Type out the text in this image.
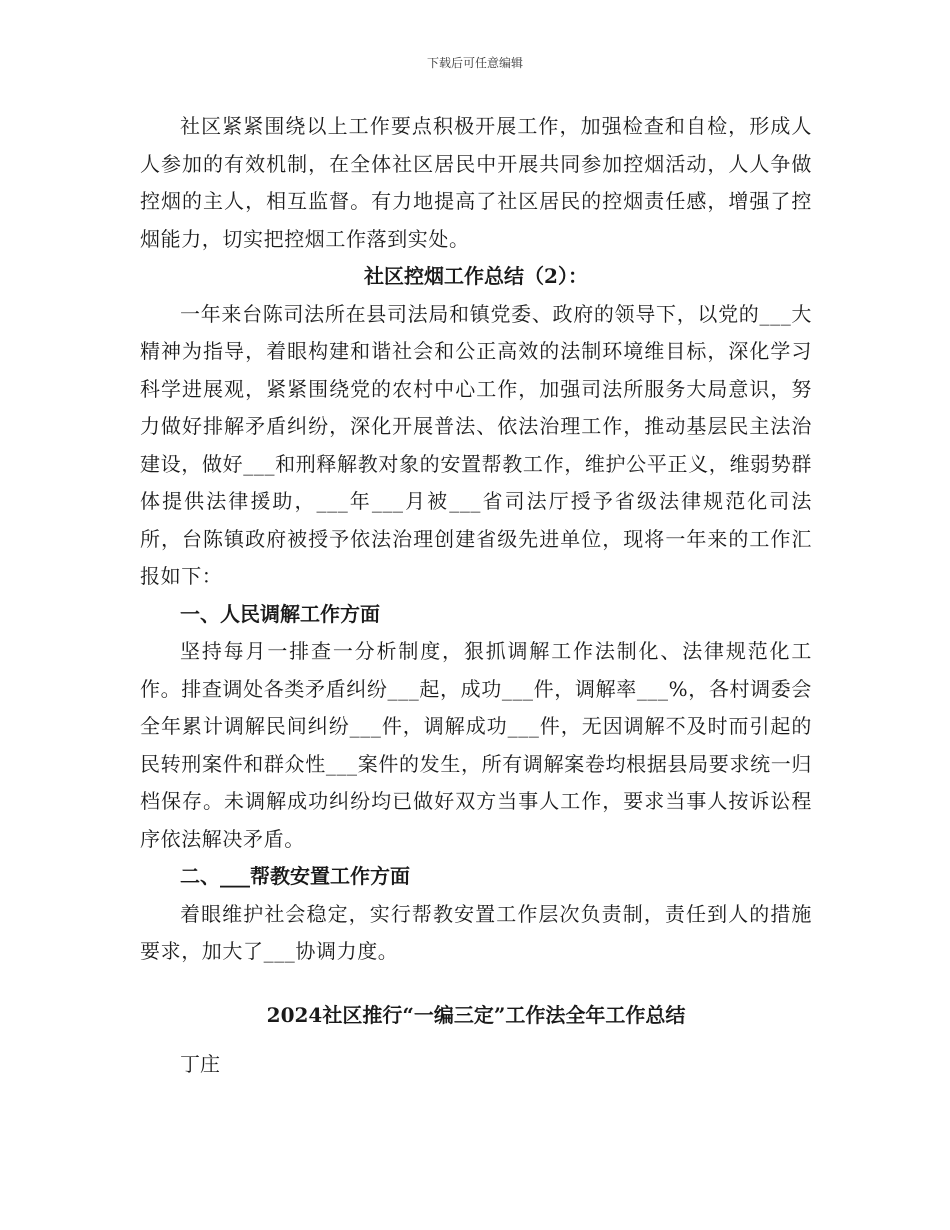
下载后可任意编辑

社区紧紧围绕以上工作要点积极开展工作，加强检查和自检，形成人人参加的有效机制，在全体社区居民中开展共同参加控烟活动，人人争做控烟的主人，相互监督。有力地提高了社区居民的控烟责任感，增强了控烟能力，切实把控烟工作落到实处。

社区控烟工作总结（2）：

一年来台陈司法所在县司法局和镇党委、政府的领导下，以党的___大精神为指导，着眼构建和谐社会和公正高效的法制环境维目标，深化学习科学进展观，紧紧围绕党的农村中心工作，加强司法所服务大局意识，努力做好排解矛盾纠纷，深化开展普法、依法治理工作，推动基层民主法治建设，做好___和刑释解教对象的安置帮教工作，维护公平正义，维弱势群体提供法律援助，___年___月被___省司法厅授予省级法律规范化司法所，台陈镇政府被授予依法治理创建省级先进单位，现将一年来的工作汇报如下：

一、人民调解工作方面

坚持每月一排查一分析制度，狠抓调解工作法制化、法律规范化工作。排查调处各类矛盾纠纷___起，成功___件，调解率___%，各村调委会全年累计调解民间纠纷___件，调解成功___件，无因调解不及时而引起的民转刑案件和群众性___案件的发生，所有调解案卷均根据县局要求统一归档保存。未调解成功纠纷均已做好双方当事人工作，要求当事人按诉讼程序依法解决矛盾。

二、___帮教安置工作方面

着眼维护社会稳定，实行帮教安置工作层次负责制，责任到人的措施要求，加大了___协调力度。

2024社区推行“一编三定”工作法全年工作总结

丁庄
